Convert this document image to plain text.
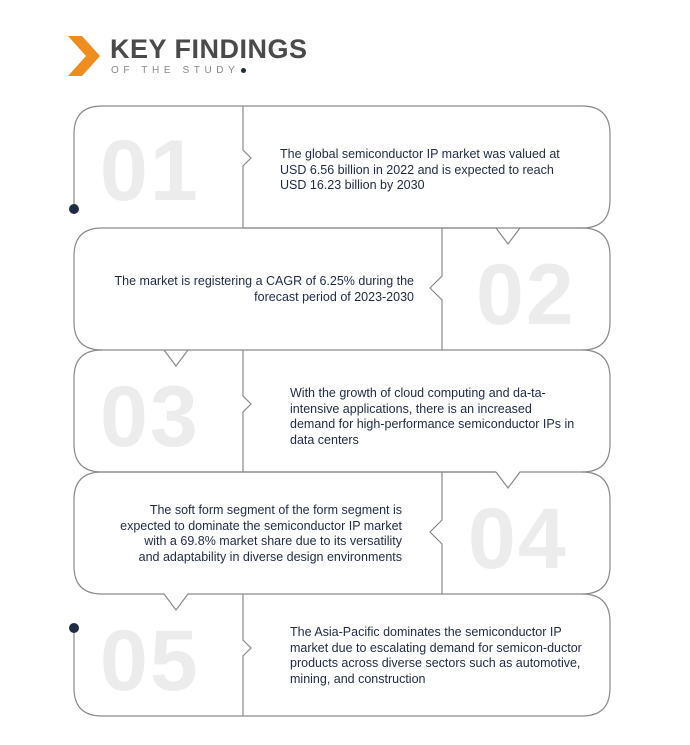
KEY FINDINGS
OF THE STUDY
01	The global semiconductor IP market was valued at USD 6.56 billion in 2022 and is expected to reach USD 16.23 billion by 2030
02
The market is registering a CAGR of 6.25% during the forecast period of 2023-2030
03	With the growth of cloud computing and da-ta-intensive applications, there is an increased demand for high-performance semiconductor IPs in data centers
04
The soft form segment of the form segment is expected to dominate the semiconductor IP market with a 69.8% market share due to its versatility and adaptability in diverse design environments
05	The Asia-Pacific dominates the semiconductor IP market due to escalating demand for semicon-ductor products across diverse sectors such as automotive, mining, and construction
